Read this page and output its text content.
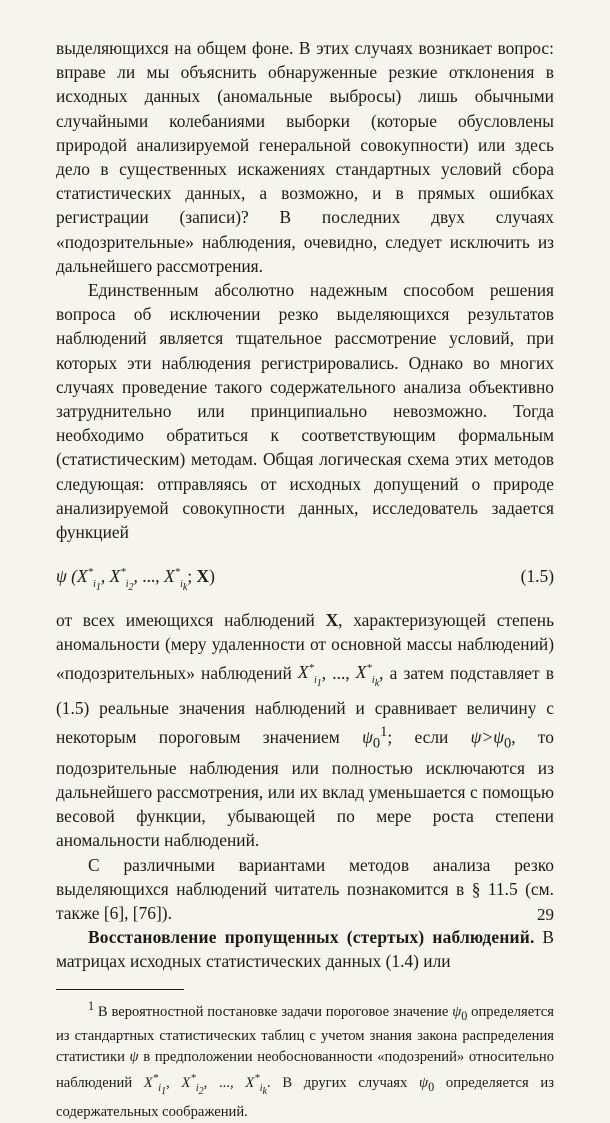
выделяющихся на общем фоне. В этих случаях возникает вопрос: вправе ли мы объяснить обнаруженные резкие отклонения в исходных данных (аномальные выбросы) лишь обычными случайными колебаниями выборки (которые обусловлены природой анализируемой генеральной совокупности) или здесь дело в существенных искажениях стандартных условий сбора статистических данных, а возможно, и в прямых ошибках регистрации (записи)? В последних двух случаях «подозрительные» наблюдения, очевидно, следует исключить из дальнейшего рассмотрения.

Единственным абсолютно надежным способом решения вопроса об исключении резко выделяющихся результатов наблюдений является тщательное рассмотрение условий, при которых эти наблюдения регистрировались. Однако во многих случаях проведение такого содержательного анализа объективно затруднительно или принципиально невозможно. Тогда необходимо обратиться к соответствующим формальным (статистическим) методам. Общая логическая схема этих методов следующая: отправляясь от исходных допущений о природе анализируемой совокупности данных, исследователь задается функцией

ψ ($X^*_{i_1}$, $X^*_{i_2}$, ..., $X^*_{i_k}$; X)	(1.5)

от всех имеющихся наблюдений X, характеризующей степень аномальности (меру удаленности от основной массы наблюдений) «подозрительных» наблюдений $X^*_{i_1}$, ..., $X^*_{i_k}$, а затем подставляет в (1.5) реальные значения наблюдений и сравнивает величину с некоторым пороговым значением $\psi_0^1$; если $\psi>\psi_0$, то подозрительные наблюдения или полностью исключаются из дальнейшего рассмотрения, или их вклад уменьшается с помощью весовой функции, убывающей по мере роста степени аномальности наблюдений.

С различными вариантами методов анализа резко выделяющихся наблюдений читатель познакомится в § 11.5 (см. также [6], [76]).

Восстановление пропущенных (стертых) наблюдений. В матрицах исходных статистических данных (1.4) или

$^1$ В вероятностной постановке задачи пороговое значение $\psi_0$ определяется из стандартных статистических таблиц с учетом знания закона распределения статистики ψ в предположении необоснованности «подозрений» относительно наблюдений $X^*_{i_1}$, $X^*_{i_2}$, ..., $X^*_{i_k}$. В других случаях $\psi_0$ определяется из содержательных соображений.

29
